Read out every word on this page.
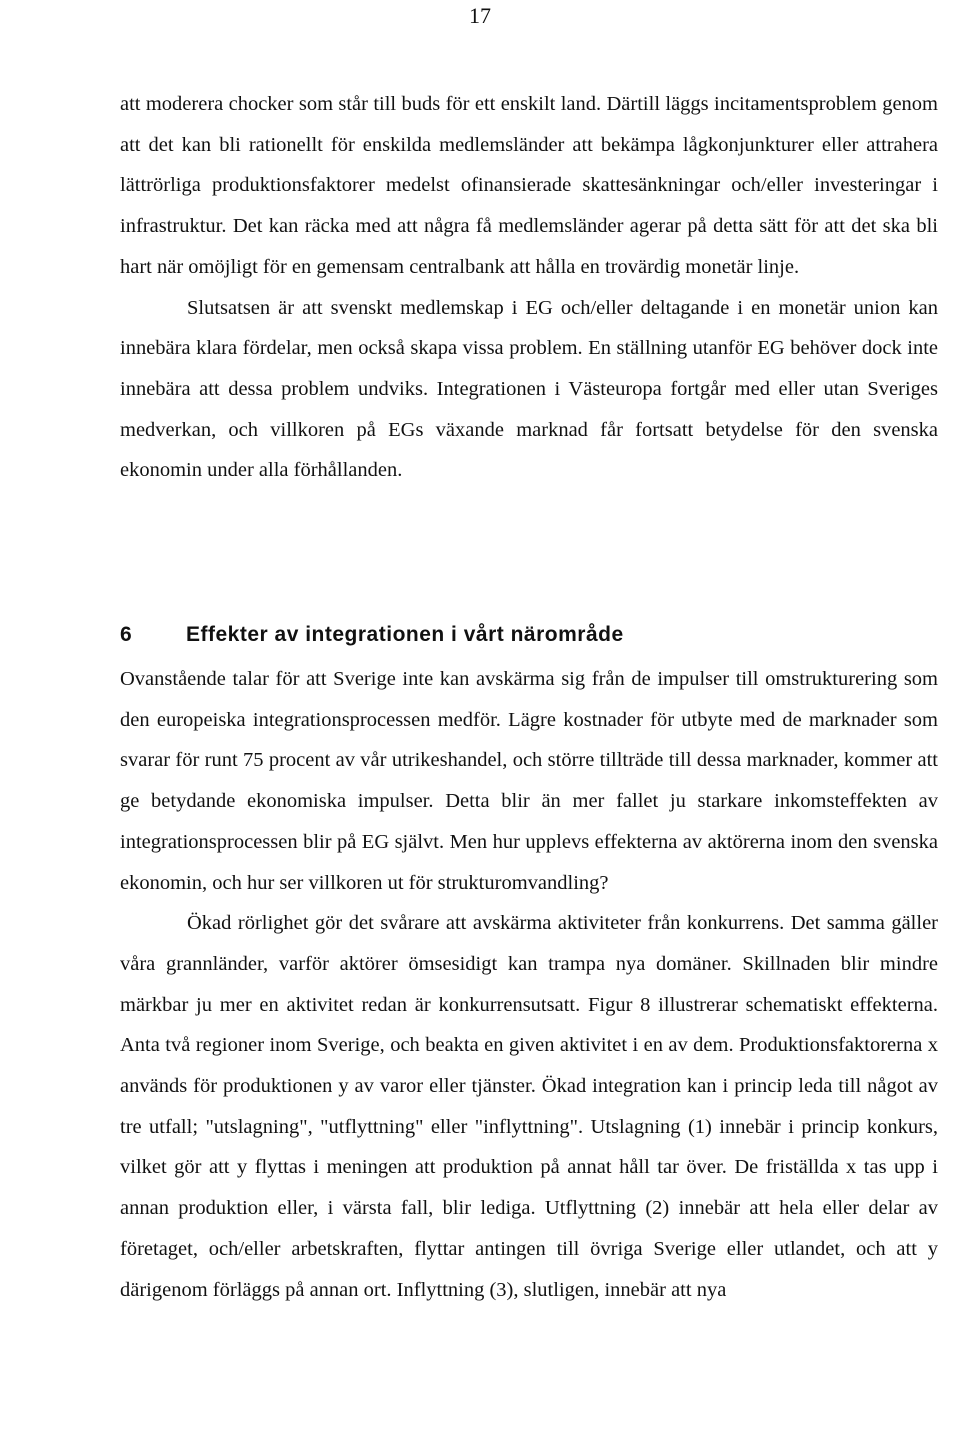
17

att moderera chocker som står till buds för ett enskilt land. Därtill läggs incitamentsproblem genom att det kan bli rationellt för enskilda medlemsländer att bekämpa lågkonjunkturer eller attrahera lättrörliga produktionsfaktorer medelst ofinansierade skattesänkningar och/eller investeringar i infrastruktur. Det kan räcka med att några få medlemsländer agerar på detta sätt för att det ska bli hart när omöjligt för en gemensam centralbank att hålla en trovärdig monetär linje.

Slutsatsen är att svenskt medlemskap i EG och/eller deltagande i en monetär union kan innebära klara fördelar, men också skapa vissa problem. En ställning utanför EG behöver dock inte innebära att dessa problem undviks. Integrationen i Västeuropa fortgår med eller utan Sveriges medverkan, och villkoren på EGs växande marknad får fortsatt betydelse för den svenska ekonomin under alla förhållanden.

6	Effekter av integrationen i vårt närområde

Ovanstående talar för att Sverige inte kan avskärma sig från de impulser till omstrukturering som den europeiska integrationsprocessen medför. Lägre kostnader för utbyte med de marknader som svarar för runt 75 procent av vår utrikeshandel, och större tillträde till dessa marknader, kommer att ge betydande ekonomiska impulser. Detta blir än mer fallet ju starkare inkomsteffekten av integrationsprocessen blir på EG självt. Men hur upplevs effekterna av aktörerna inom den svenska ekonomin, och hur ser villkoren ut för strukturomvandling?

Ökad rörlighet gör det svårare att avskärma aktiviteter från konkurrens. Det samma gäller våra grannländer, varför aktörer ömsesidigt kan trampa nya domäner. Skillnaden blir mindre märkbar ju mer en aktivitet redan är konkurrensutsatt. Figur 8 illustrerar schematiskt effekterna. Anta två regioner inom Sverige, och beakta en given aktivitet i en av dem. Produktionsfaktorerna x används för produktionen y av varor eller tjänster. Ökad integration kan i princip leda till något av tre utfall; "utslagning", "utflyttning" eller "inflyttning". Utslagning (1) innebär i princip konkurs, vilket gör att y flyttas i meningen att produktion på annat håll tar över. De friställda x tas upp i annan produktion eller, i värsta fall, blir lediga. Utflyttning (2) innebär att hela eller delar av företaget, och/eller arbetskraften, flyttar antingen till övriga Sverige eller utlandet, och att y därigenom förläggs på annan ort. Inflyttning (3), slutligen, innebär att nya
